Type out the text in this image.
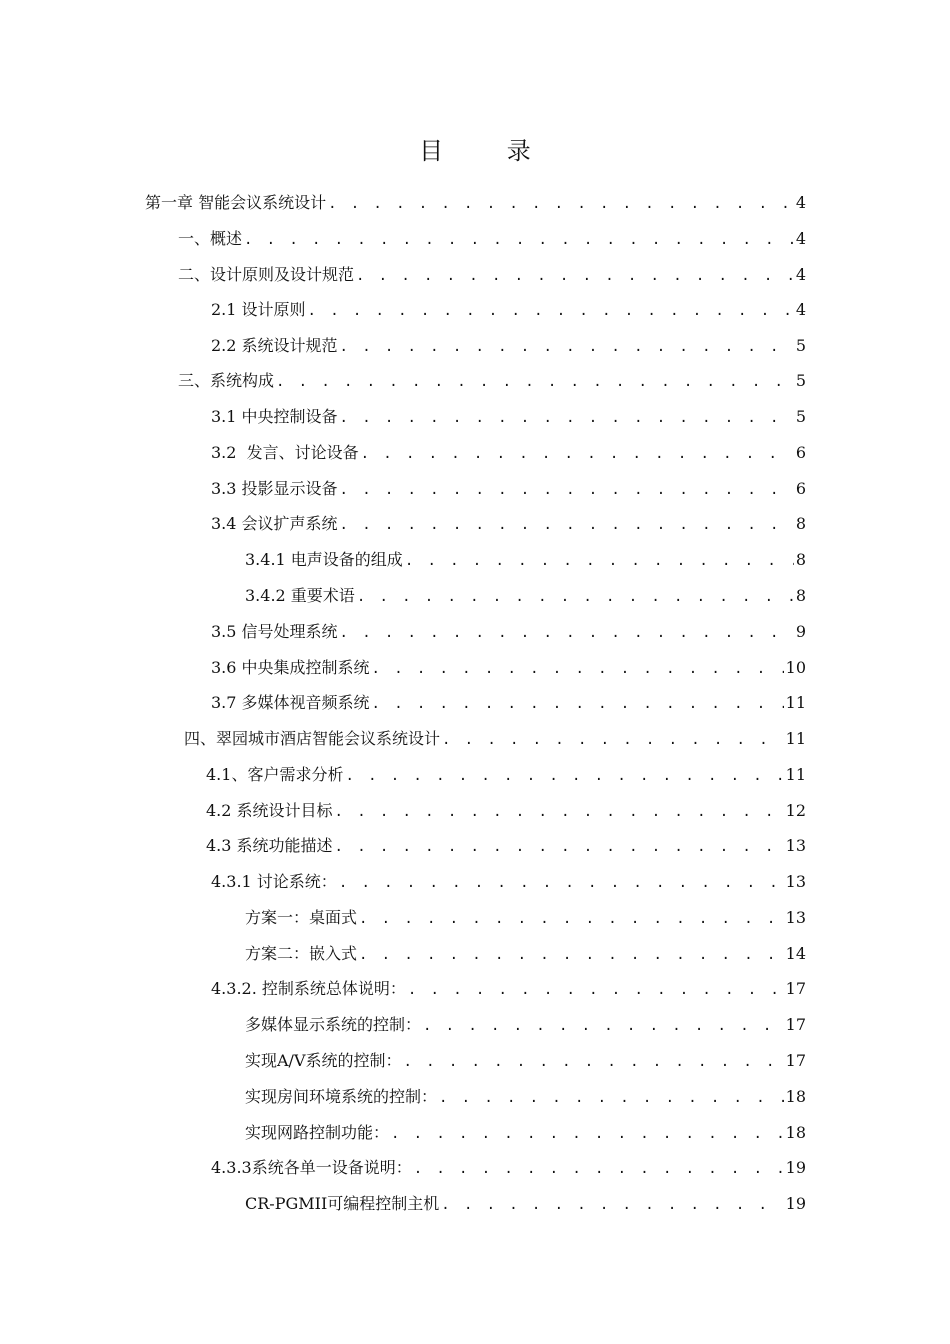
目 录
第一章 智能会议系统设计 . . .	4
一、概述 . . .	4
二、设计原则及设计规范 . . .	4
2.1 设计原则 . . .	4
2.2 系统设计规范 . . .	5
三、系统构成 . . .	5
3.1 中央控制设备 . . .	5
3.2  发言、讨论设备 . . .	6
3.3 投影显示设备 . . .	6
3.4 会议扩声系统 . . .	8
3.4.1 电声设备的组成 . . .	8
3.4.2 重要术语 . . .	8
3.5 信号处理系统 . . .	9
3.6 中央集成控制系统 . . .	10
3.7 多媒体视音频系统 . . .	11
四、翠园城市酒店智能会议系统设计 . . .	11
4.1、客户需求分析 . . .	11
4.2 系统设计目标 . . .	12
4.3 系统功能描述 . . .	13
4.3.1 讨论系统： . . .	13
方案一：桌面式 . . .	13
方案二：嵌入式 . . .	14
4.3.2. 控制系统总体说明： . . .	17
多媒体显示系统的控制： . . .	17
实现A/V系统的控制： . . .	17
实现房间环境系统的控制： . . .	18
实现网路控制功能： . . .	18
4.3.3系统各单一设备说明： . . .	19
CR-PGMII可编程控制主机 . . .	19
